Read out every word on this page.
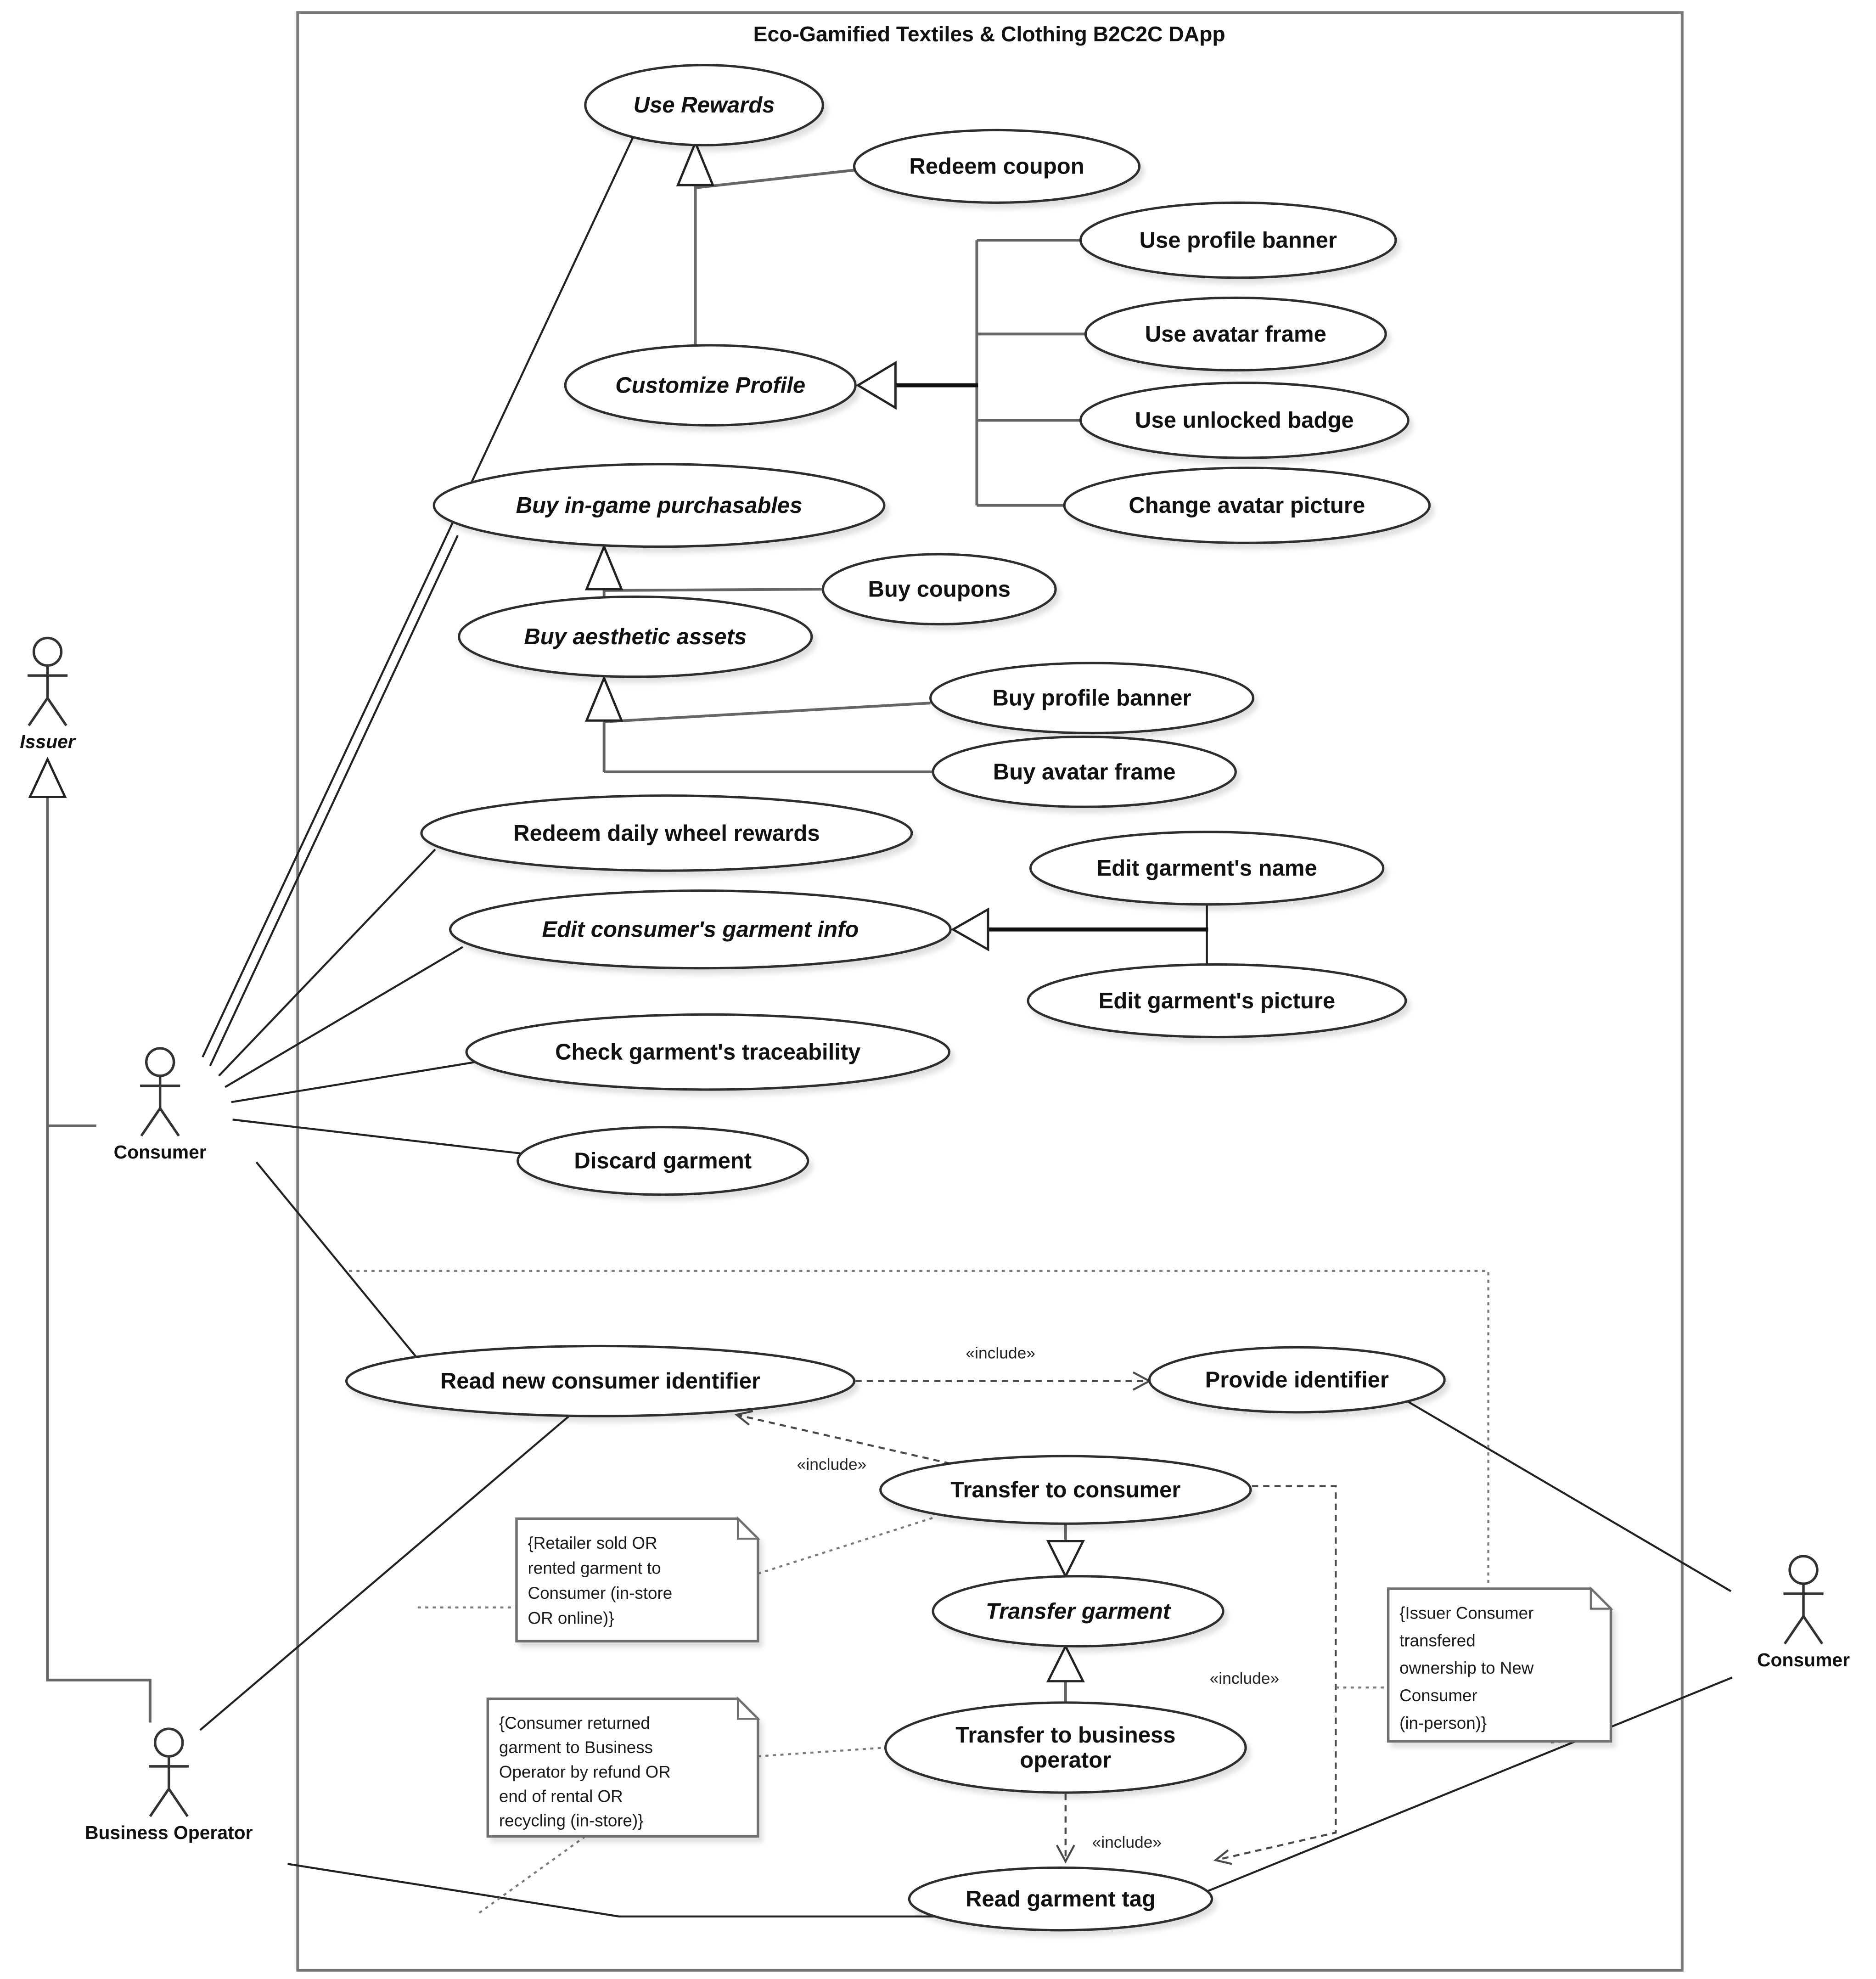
Eco-Gamified Textiles & Clothing B2C2C DApp
«include»
«include»
«include»
«include»
Use Rewards
Redeem coupon
Use profile banner
Use avatar frame
Use unlocked badge
Change avatar picture
Customize Profile
Buy in-game purchasables
Buy coupons
Buy aesthetic assets
Buy profile banner
Buy avatar frame
Redeem daily wheel rewards
Edit consumer's garment info
Edit garment's name
Edit garment's picture
Check garment's traceability
Discard garment
Read new consumer identifier	Provide identifier
Transfer to consumer
Transfer garment
Transfer to business operator
Read garment tag
{Retailer sold OR rented garment to Consumer (in-store OR online)}
{Consumer returned garment to Business Operator by refund OR end of rental OR recycling (in-store)}
{Issuer Consumer transfered ownership to New Consumer (in-person)}
Issuer
Consumer
Business Operator
Consumer
